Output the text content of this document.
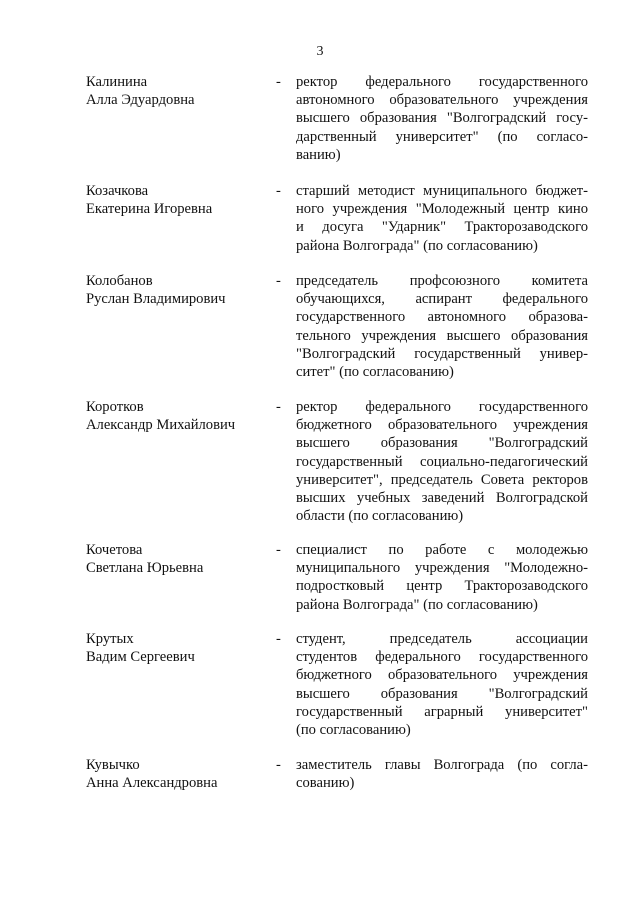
3
Калинина
Алла Эдуардовна
- ректор федерального государственного
автономного образовательного учреждения
высшего образования "Волгоградский госу-
дарственный университет" (по согласо-
ванию)
Козачкова
Екатерина Игоревна
- старший методист муниципального бюджет-
ного учреждения "Молодежный центр кино
и досуга "Ударник" Тракторозаводского
района Волгограда" (по согласованию)
Колобанов
Руслан Владимирович
- председатель профсоюзного комитета
обучающихся, аспирант федерального
государственного автономного образова-
тельного учреждения высшего образования
"Волгоградский государственный универ-
ситет" (по согласованию)
Коротков
Александр Михайлович
- ректор федерального государственного
бюджетного образовательного учреждения
высшего образования "Волгоградский
государственный социально-педагогический
университет", председатель Совета ректоров
высших учебных заведений Волгоградской
области (по согласованию)
Кочетова
Светлана Юрьевна
- специалист по работе с молодежью
муниципального учреждения "Молодежно-
подростковый центр Тракторозаводского
района Волгограда" (по согласованию)
Крутых
Вадим Сергеевич
- студент, председатель ассоциации
студентов федерального государственного
бюджетного образовательного учреждения
высшего образования "Волгоградский
государственный аграрный университет"
(по согласованию)
Кувычко
Анна Александровна
- заместитель главы Волгограда (по согла-
сованию)
